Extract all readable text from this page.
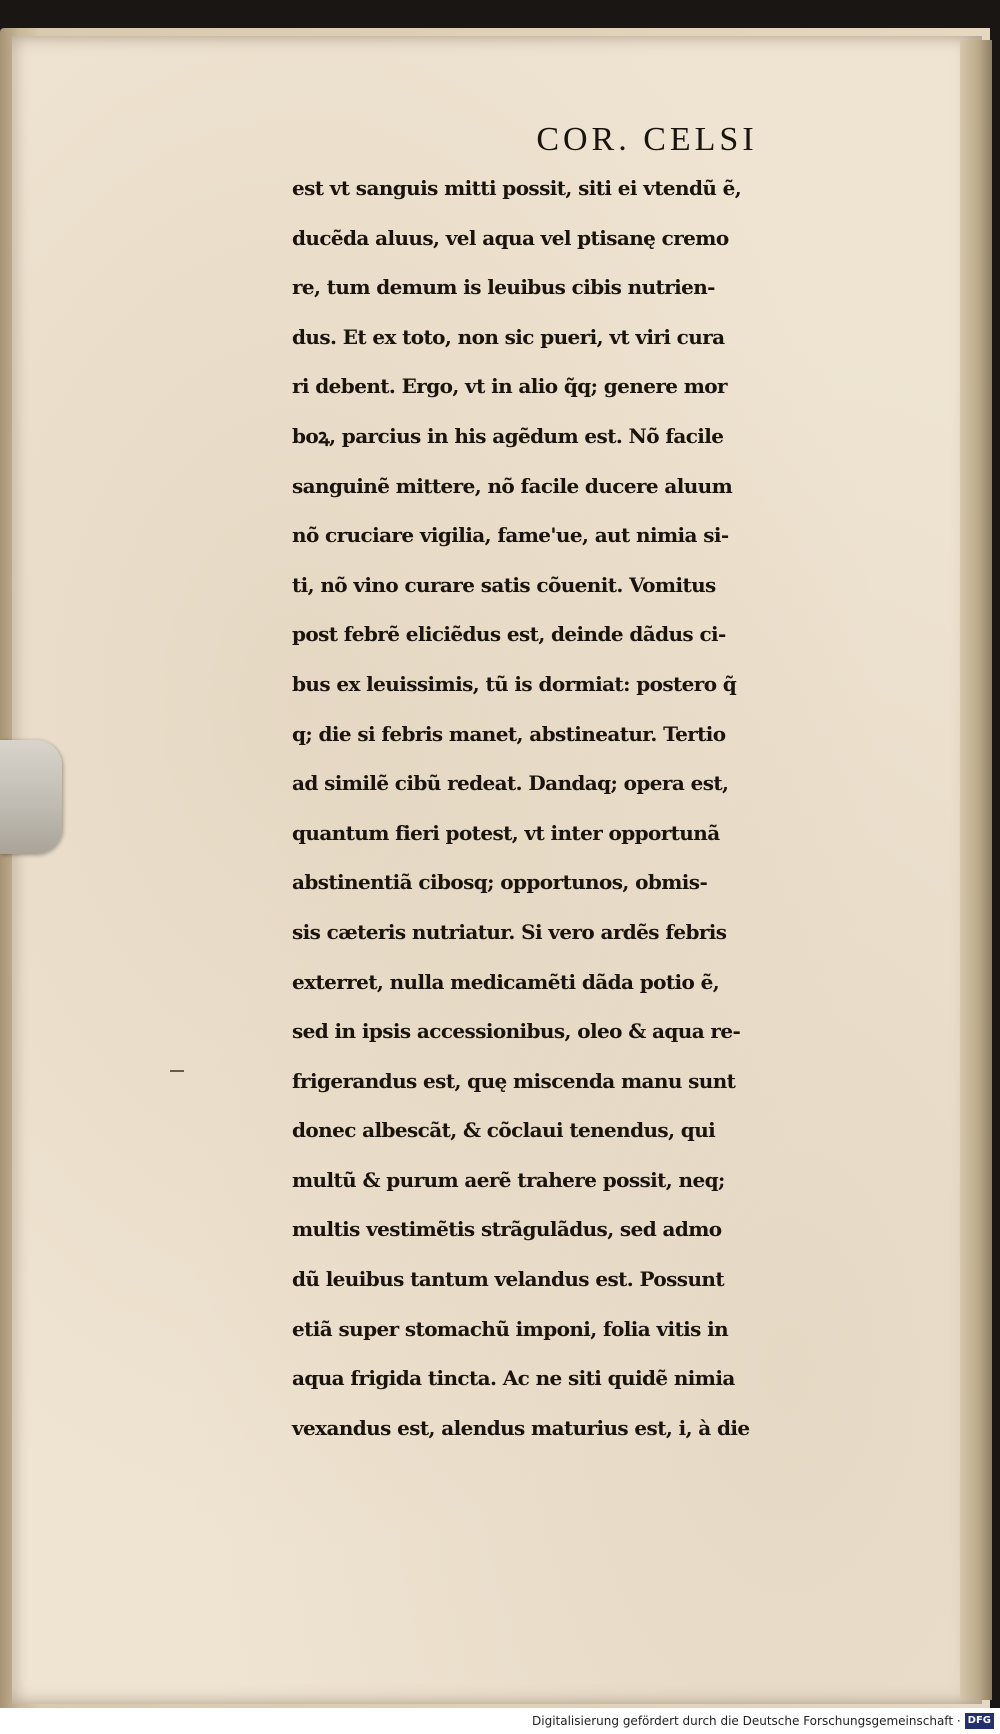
COR. CELSI
est vt sanguis mitti possit, siti ei vtendũ ẽ,
ducẽda aluus, vel aqua vel ptisanę cremo
re, tum demum is leuibus cibis nutrien-
dus. Et ex toto, non sic pueri, vt viri cura
ri debent. Ergo, vt in alio q̃q; genere mor
boꝝ, parcius in his agẽdum est. Nõ facile
sanguinẽ mittere, nõ facile ducere aluum
nõ cruciare vigilia, fame'ue, aut nimia si-
ti, nõ vino curare satis cõuenit. Vomitus
post febrẽ eliciẽdus est, deinde dãdus ci-
bus ex leuissimis, tũ is dormiat: postero q̃
q; die si febris manet, abstineatur. Tertio
ad similẽ cibũ redeat. Dandaq; opera est,
quantum fieri potest, vt inter opportunã
abstinentiã cibosq; opportunos, obmis-
sis cæteris nutriatur. Si vero ardẽs febris
exterret, nulla medicamẽti dãda potio ẽ,
sed in ipsis accessionibus, oleo & aqua re-
frigerandus est, quę miscenda manu sunt
donec albescãt, & cõclaui tenendus, qui
multũ & purum aerẽ trahere possit, neq;
multis vestimẽtis strãgulãdus, sed admo
dũ leuibus tantum velandus est. Possunt
etiã super stomachũ imponi, folia vitis in
aqua frigida tincta. Ac ne siti quidẽ nimia
vexandus est, alendus maturius est, i, à die
Digitalisierung gefördert durch die Deutsche Forschungsgemeinschaft · DFG
